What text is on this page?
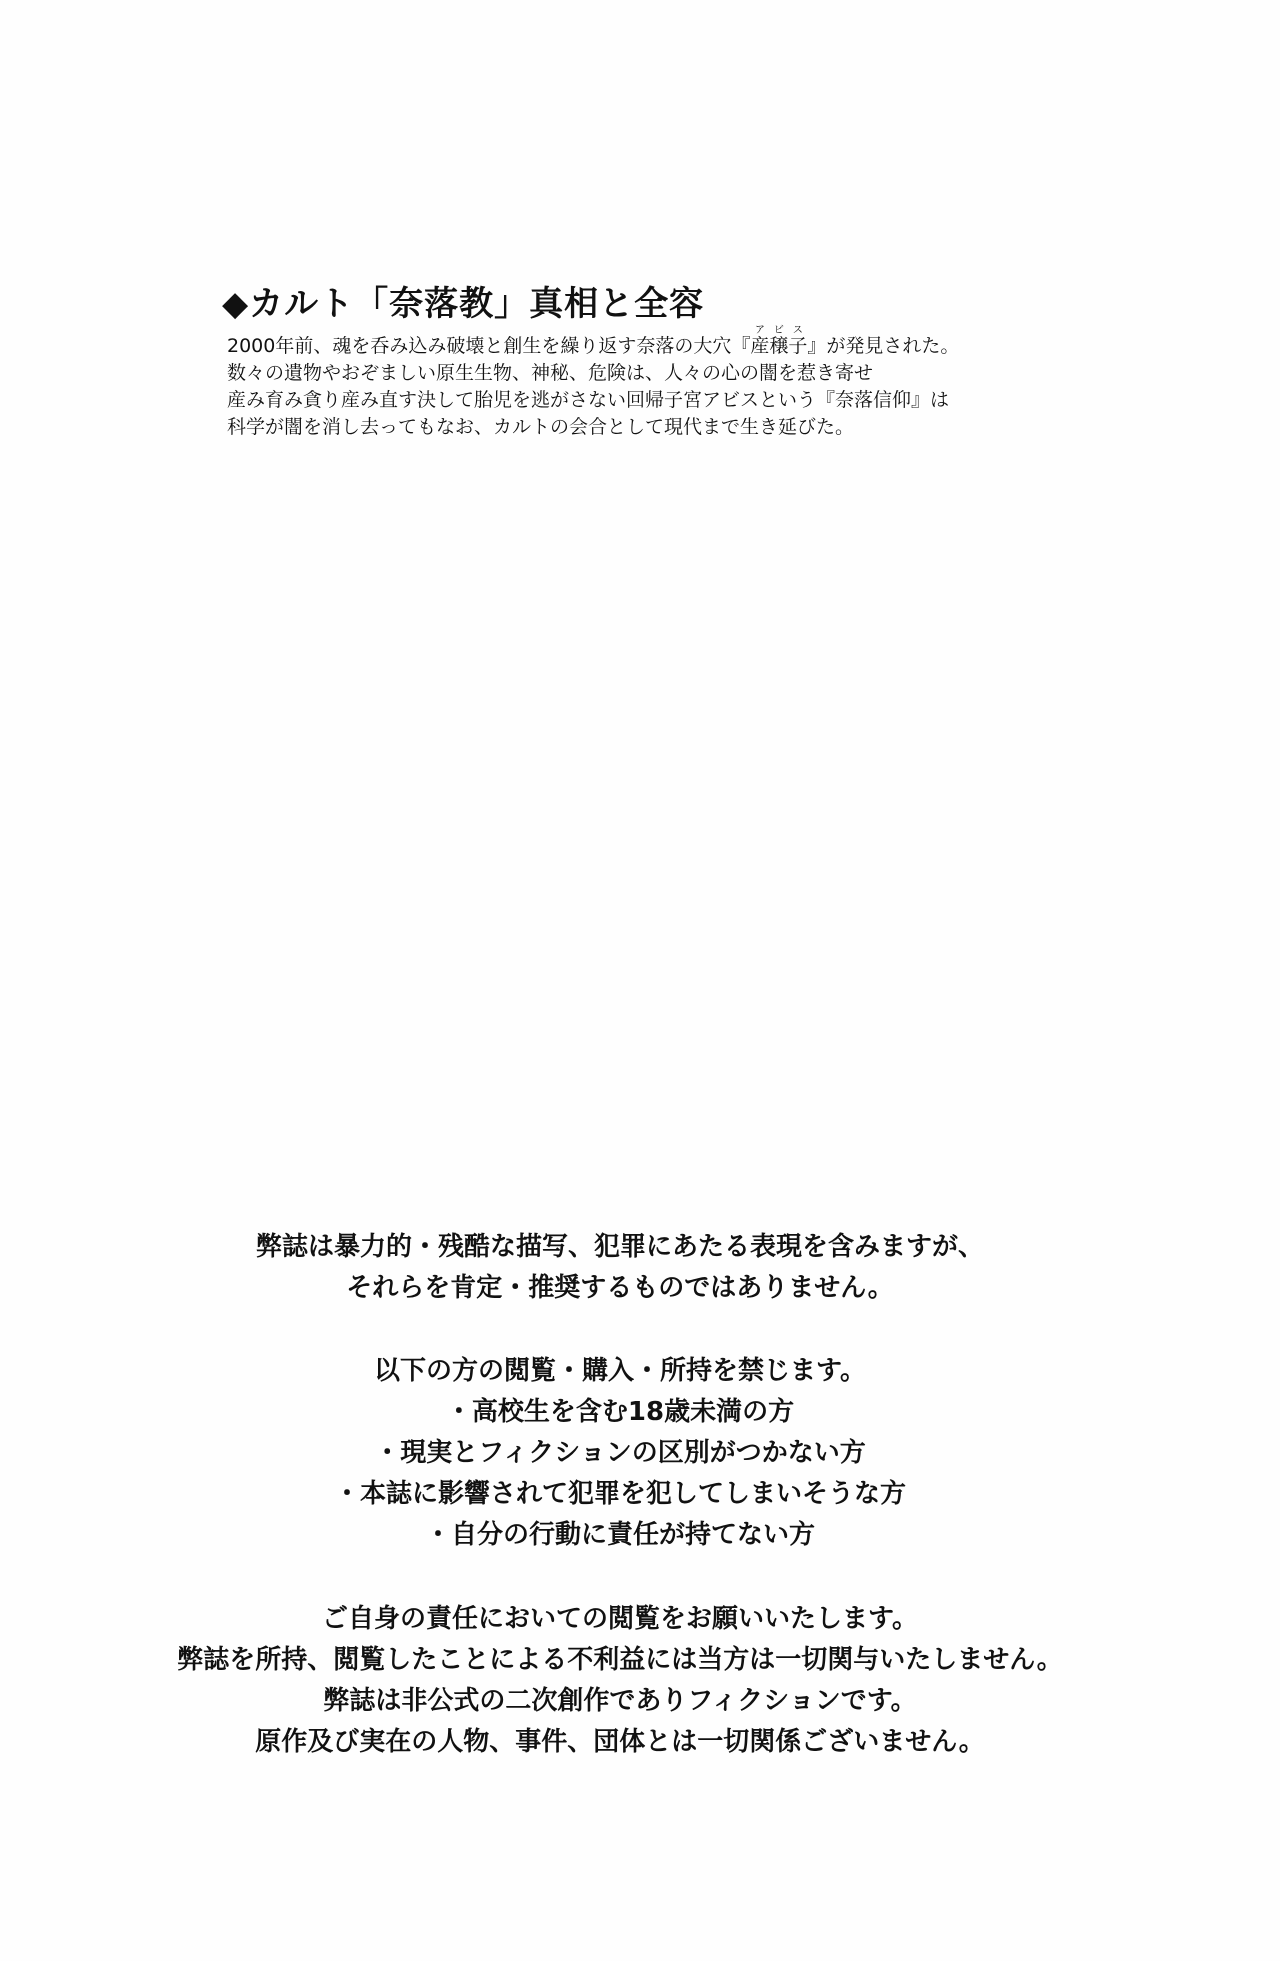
◆カルト「奈落教」真相と全容

2000年前、魂を呑み込み破壊と創生を繰り返す奈落の大穴『産穣子アビス』が発見された。

数々の遺物やおぞましい原生生物、神秘、危険は、人々の心の闇を惹き寄せ

産み育み貪り産み直す決して胎児を逃がさない回帰子宮アビスという『奈落信仰』は

科学が闇を消し去ってもなお、カルトの会合として現代まで生き延びた。

弊誌は暴力的・残酷な描写、犯罪にあたる表現を含みますが、

それらを肯定・推奨するものではありません。

以下の方の閲覧・購入・所持を禁じます。

・高校生を含む18歳未満の方

・現実とフィクションの区別がつかない方

・本誌に影響されて犯罪を犯してしまいそうな方

・自分の行動に責任が持てない方

ご自身の責任においての閲覧をお願いいたします。

弊誌を所持、閲覧したことによる不利益には当方は一切関与いたしません。

弊誌は非公式の二次創作でありフィクションです。

原作及び実在の人物、事件、団体とは一切関係ございません。
